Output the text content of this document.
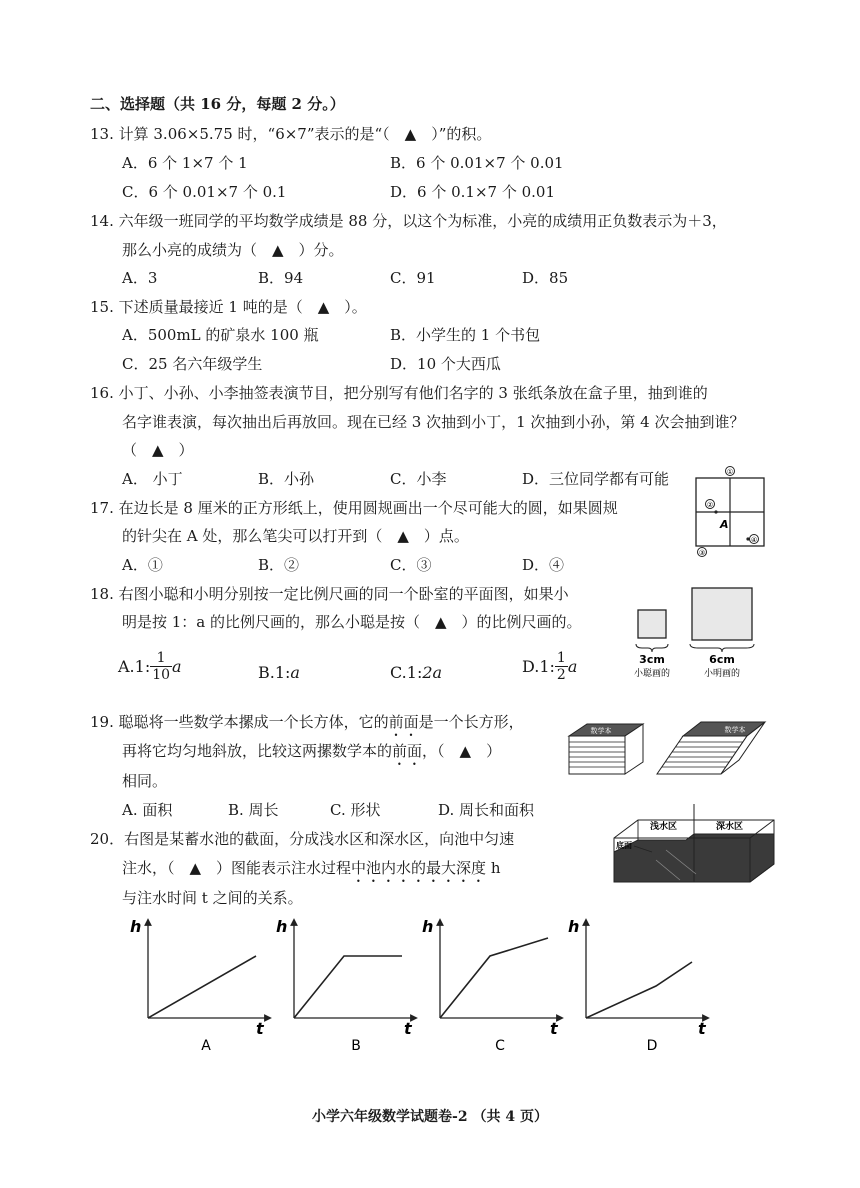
二、选择题（共 16 分，每题 2 分。）
13. 计算 3.06×5.75 时，“6×7”表示的是“（　▲　）”的积。
A．6 个 1×7 个 1	B．6 个 0.01×7 个 0.01
C．6 个 0.01×7 个 0.1	D．6 个 0.1×7 个 0.01
14. 六年级一班同学的平均数学成绩是 88 分，以这个为标准，小亮的成绩用正负数表示为＋3，
那么小亮的成绩为（　▲　）分。
A．3	B．94	C．91	D．85
15. 下述质量最接近 1 吨的是（　▲　）。
A．500mL 的矿泉水 100 瓶	B．小学生的 1 个书包
C．25 名六年级学生	D．10 个大西瓜
16. 小丁、小孙、小李抽签表演节目，把分别写有他们名字的 3 张纸条放在盒子里，抽到谁的
名字谁表演，每次抽出后再放回。现在已经 3 次抽到小丁，1 次抽到小孙，第 4 次会抽到谁？
（　▲　）
A． 小丁	B．小孙	C．小李	D．三位同学都有可能	①
②
③
④
A
17. 在边长是 8 厘米的正方形纸上，使用圆规画出一个尽可能大的圆，如果圆规
的针尖在 A 处，那么笔尖可以打开到（　▲　）点。
A．①	B．②	C．③	D．④
18. 右图小聪和小明分别按一定比例尺画的同一个卧室的平面图，如果小
明是按 1：a 的比例尺画的，那么小聪是按（　▲　）的比例尺画的。
3cm
小聪画的
6cm
小明画的
A.1: $\frac{1}{10}$ a	B.1: a	C.1: 2a	D.1: $\frac{1}{2}$ a
19. 聪聪将一些数学本摞成一个长方体，它的前面是一个长方形，
再将它均匀地斜放，比较这两摞数学本的前面，（　▲　）
相同。
A. 面积	B. 周长	C. 形状	D. 周长和面积
数学本	数学本
20．右图是某蓄水池的截面，分成浅水区和深水区，向池中匀速
注水，（　▲　）图能表示注水过程中池内水的最大深度 h
与注水时间 t 之间的关系。
浅水区	深水区
底面
h
t
A
h
t
B
h
t
C
h
t
D
小学六年级数学试题卷-2 （共 4 页）
